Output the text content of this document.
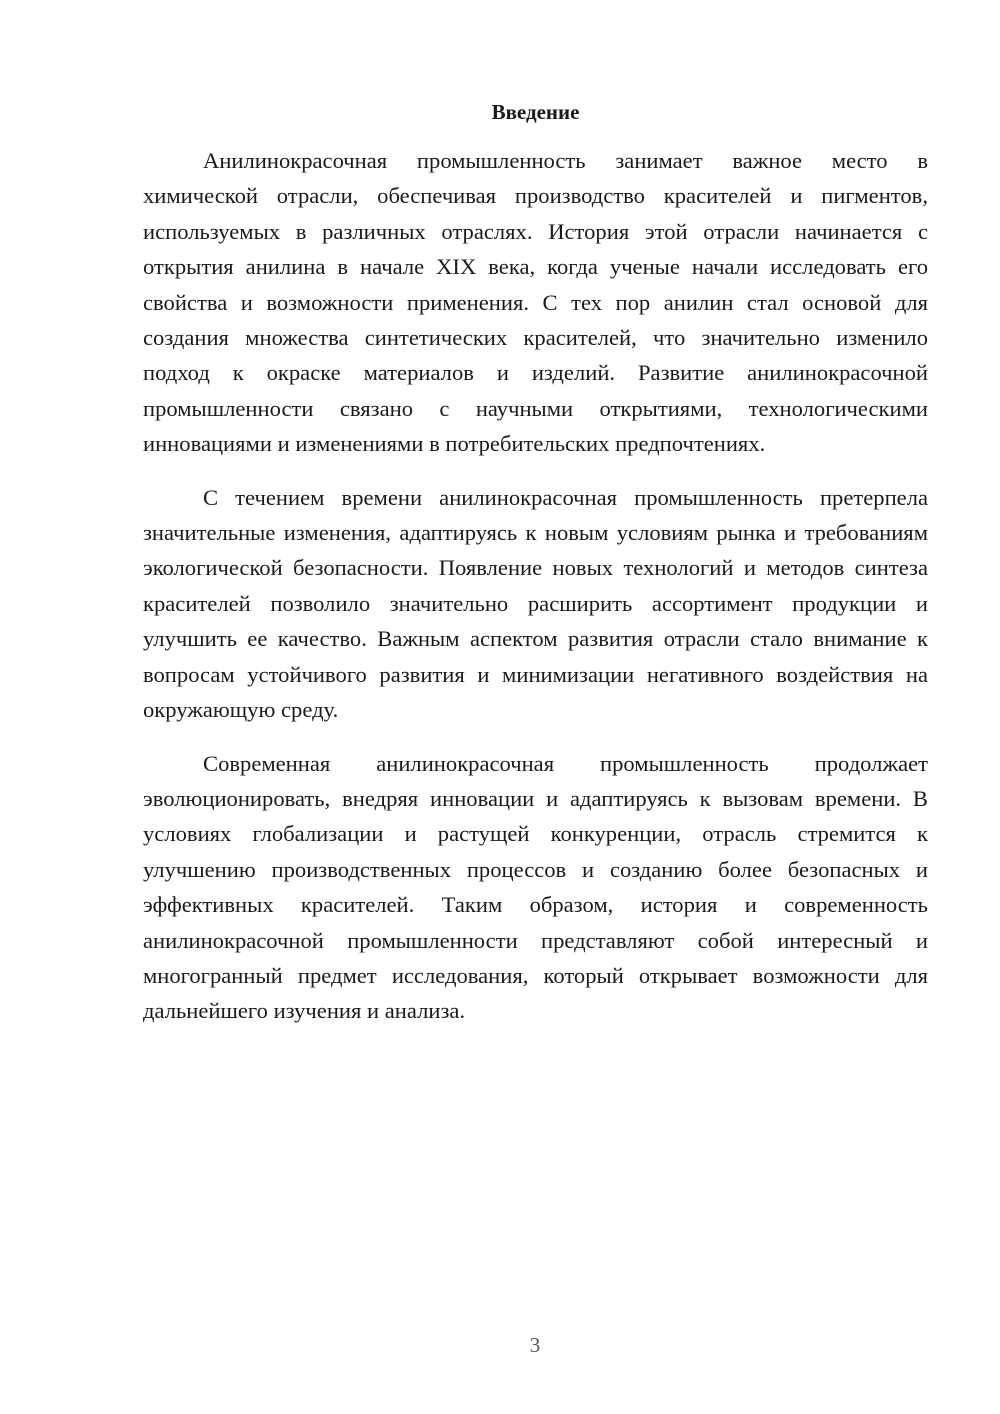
Введение

Анилинокрасочная промышленность занимает важное место в химической отрасли, обеспечивая производство красителей и пигментов, используемых в различных отраслях. История этой отрасли начинается с открытия анилина в начале XIX века, когда ученые начали исследовать его свойства и возможности применения. С тех пор анилин стал основой для создания множества синтетических красителей, что значительно изменило подход к окраске материалов и изделий. Развитие анилинокрасочной промышленности связано с научными открытиями, технологическими инновациями и изменениями в потребительских предпочтениях.

С течением времени анилинокрасочная промышленность претерпела значительные изменения, адаптируясь к новым условиям рынка и требованиям экологической безопасности. Появление новых технологий и методов синтеза красителей позволило значительно расширить ассортимент продукции и улучшить ее качество. Важным аспектом развития отрасли стало внимание к вопросам устойчивого развития и минимизации негативного воздействия на окружающую среду.

Современная анилинокрасочная промышленность продолжает эволюционировать, внедряя инновации и адаптируясь к вызовам времени. В условиях глобализации и растущей конкуренции, отрасль стремится к улучшению производственных процессов и созданию более безопасных и эффективных красителей. Таким образом, история и современность анилинокрасочной промышленности представляют собой интересный и многогранный предмет исследования, который открывает возможности для дальнейшего изучения и анализа.

3
